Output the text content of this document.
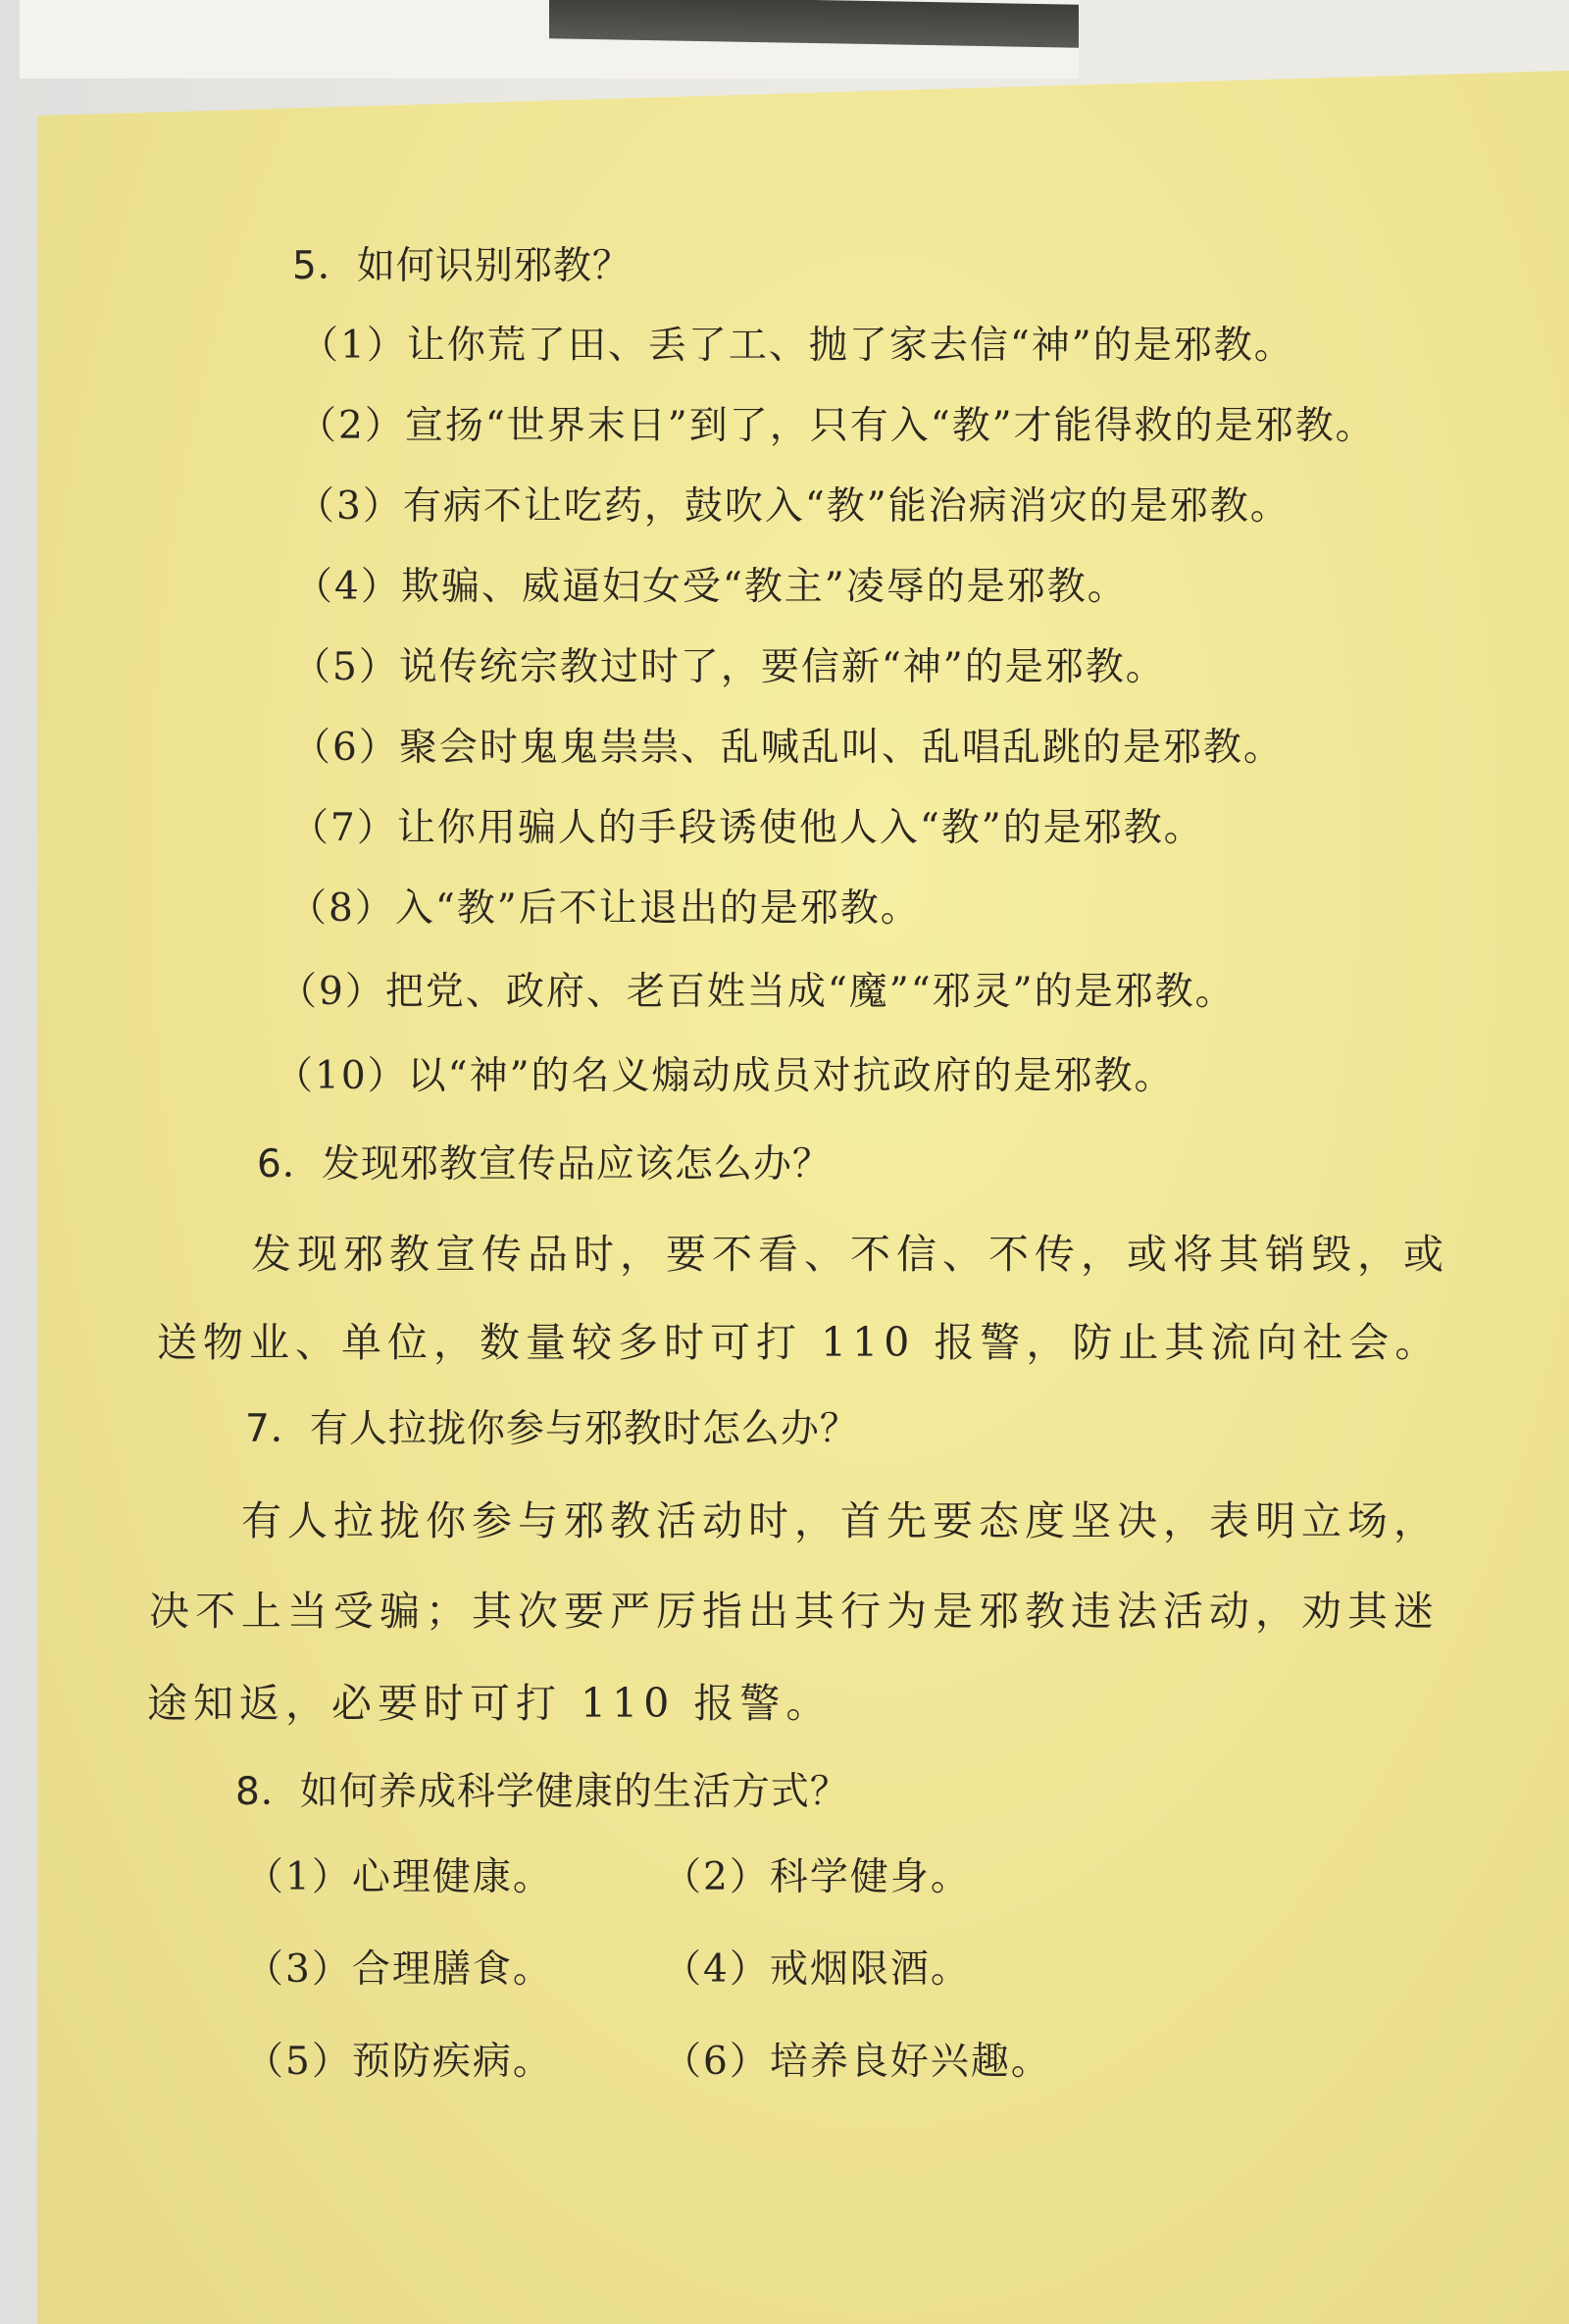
5．如何识别邪教？
（1）让你荒了田、丢了工、抛了家去信“神”的是邪教。
（2）宣扬“世界末日”到了，只有入“教”才能得救的是邪教。
（3）有病不让吃药，鼓吹入“教”能治病消灾的是邪教。
（4）欺骗、威逼妇女受“教主”凌辱的是邪教。
（5）说传统宗教过时了，要信新“神”的是邪教。
（6）聚会时鬼鬼祟祟、乱喊乱叫、乱唱乱跳的是邪教。
（7）让你用骗人的手段诱使他人入“教”的是邪教。
（8）入“教”后不让退出的是邪教。
（9）把党、政府、老百姓当成“魔”“邪灵”的是邪教。
（10）以“神”的名义煽动成员对抗政府的是邪教。
6．发现邪教宣传品应该怎么办？
发现邪教宣传品时，要不看、不信、不传，或将其销毁，或
送物业、单位，数量较多时可打 110 报警，防止其流向社会。
7．有人拉拢你参与邪教时怎么办？
有人拉拢你参与邪教活动时，首先要态度坚决，表明立场，
决不上当受骗；其次要严厉指出其行为是邪教违法活动，劝其迷
途知返，必要时可打 110 报警。
8．如何养成科学健康的生活方式？
（1）心理健康。	（2）科学健身。
（3）合理膳食。	（4）戒烟限酒。
（5）预防疾病。	（6）培养良好兴趣。
